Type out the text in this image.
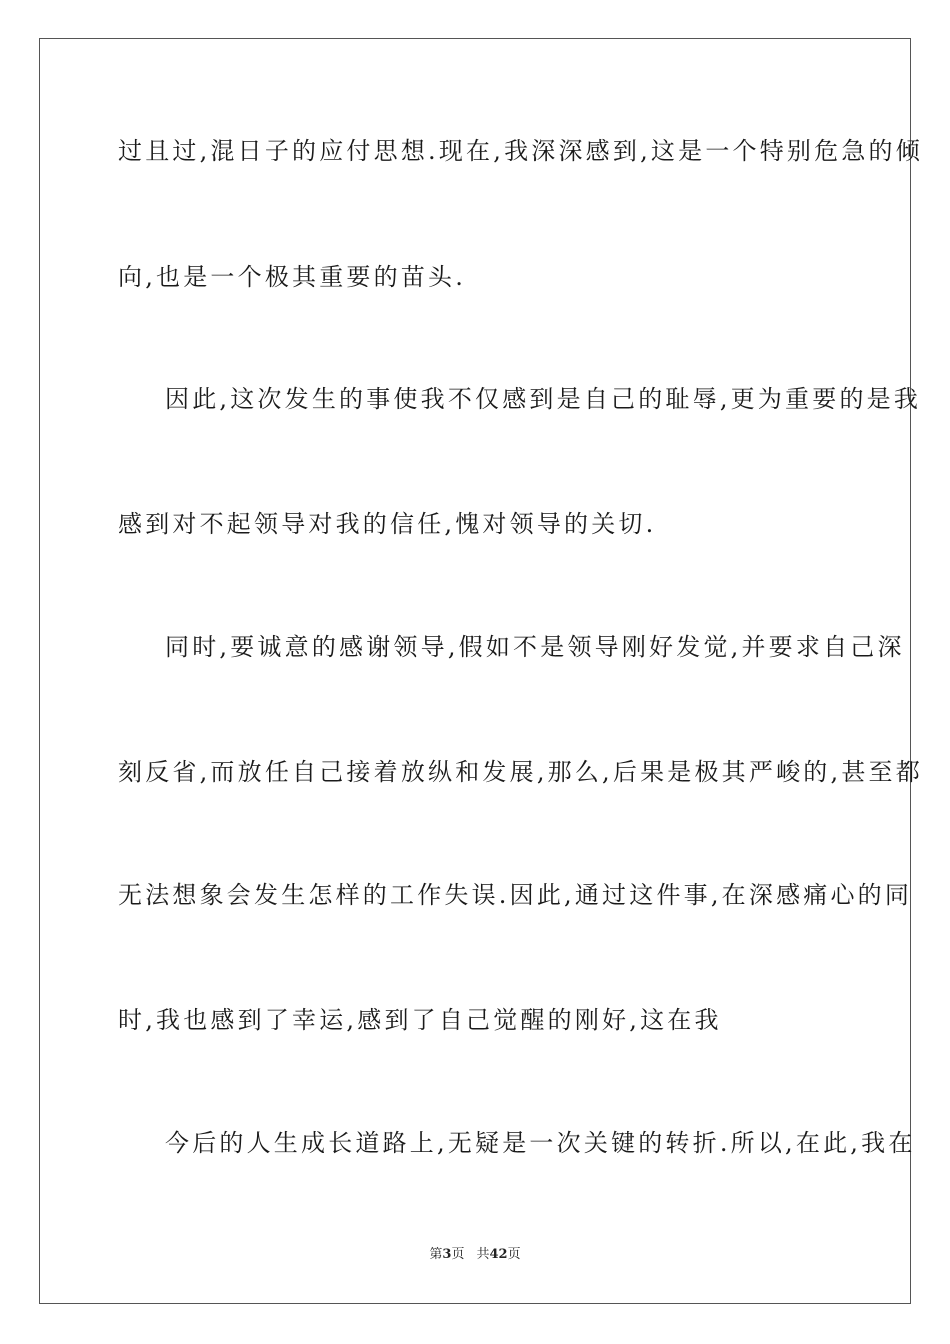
过且过,混日子的应付思想.现在,我深深感到,这是一个特别危急的倾
向,也是一个极其重要的苗头.
因此,这次发生的事使我不仅感到是自己的耻辱,更为重要的是我
感到对不起领导对我的信任,愧对领导的关切.
同时,要诚意的感谢领导,假如不是领导刚好发觉,并要求自己深
刻反省,而放任自己接着放纵和发展,那么,后果是极其严峻的,甚至都
无法想象会发生怎样的工作失误.因此,通过这件事,在深感痛心的同
时,我也感到了幸运,感到了自己觉醒的刚好,这在我
今后的人生成长道路上,无疑是一次关键的转折.所以,在此,我在
第3页 共42页
